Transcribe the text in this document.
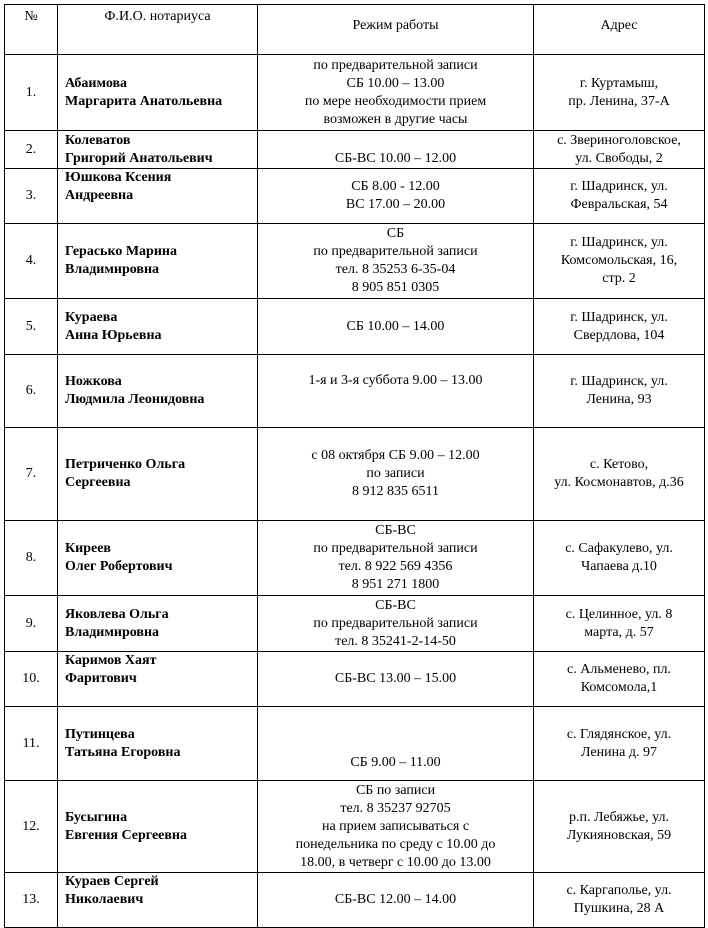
№	Ф.И.О. нотариуса	Режим работы	Адрес
1.	Абаимова
Маргарита Анатольевна	по предварительной записи
СБ 10.00 – 13.00
по мере необходимости прием
возможен в другие часы	г. Куртамыш,
пр. Ленина, 37-А
2.	Колеватов
Григорий Анатольевич	СБ-ВС 10.00 – 12.00	с. Звериноголовское,
ул. Свободы, 2
3.	Юшкова Ксения
Андреевна	СБ 8.00 - 12.00
ВС 17.00 – 20.00	г. Шадринск, ул.
Февральская, 54
4.	Герасько Марина
Владимировна	СБ
по предварительной записи
тел. 8 35253 6-35-04
8 905 851 0305	г. Шадринск, ул.
Комсомольская, 16,
стр. 2
5.	Кураева
Анна Юрьевна	СБ 10.00 – 14.00	г. Шадринск, ул.
Свердлова, 104
6.	Ножкова
Людмила Леонидовна	1-я и 3-я суббота 9.00 – 13.00	г. Шадринск, ул.
Ленина, 93
7.	Петриченко Ольга
Сергеевна	с 08 октября СБ 9.00 – 12.00
по записи
8 912 835 6511	с. Кетово,
ул. Космонавтов, д.36
8.	Киреев
Олег Робертович	СБ-ВС
по предварительной записи
тел. 8 922 569 4356
8 951 271 1800	с. Сафакулево, ул.
Чапаева д.10
9.	Яковлева Ольга
Владимировна	СБ-ВС
по предварительной записи
тел. 8 35241-2-14-50	с. Целинное, ул. 8
марта, д. 57
10.	Каримов Хаят
Фаритович	СБ-ВС 13.00 – 15.00	с. Альменево, пл.
Комсомола,1
11.	Путинцева
Татьяна Егоровна	СБ 9.00 – 11.00	с. Глядянское, ул.
Ленина д. 97
12.	Бусыгина
Евгения Сергеевна	СБ по записи
тел. 8 35237 92705
на прием записываться с
понедельника по среду с 10.00 до
18.00, в четверг с 10.00 до 13.00	р.п. Лебяжье, ул.
Лукияновская, 59
13.	Кураев Сергей
Николаевич	СБ-ВС 12.00 – 14.00	с. Каргаполье, ул.
Пушкина, 28 А
